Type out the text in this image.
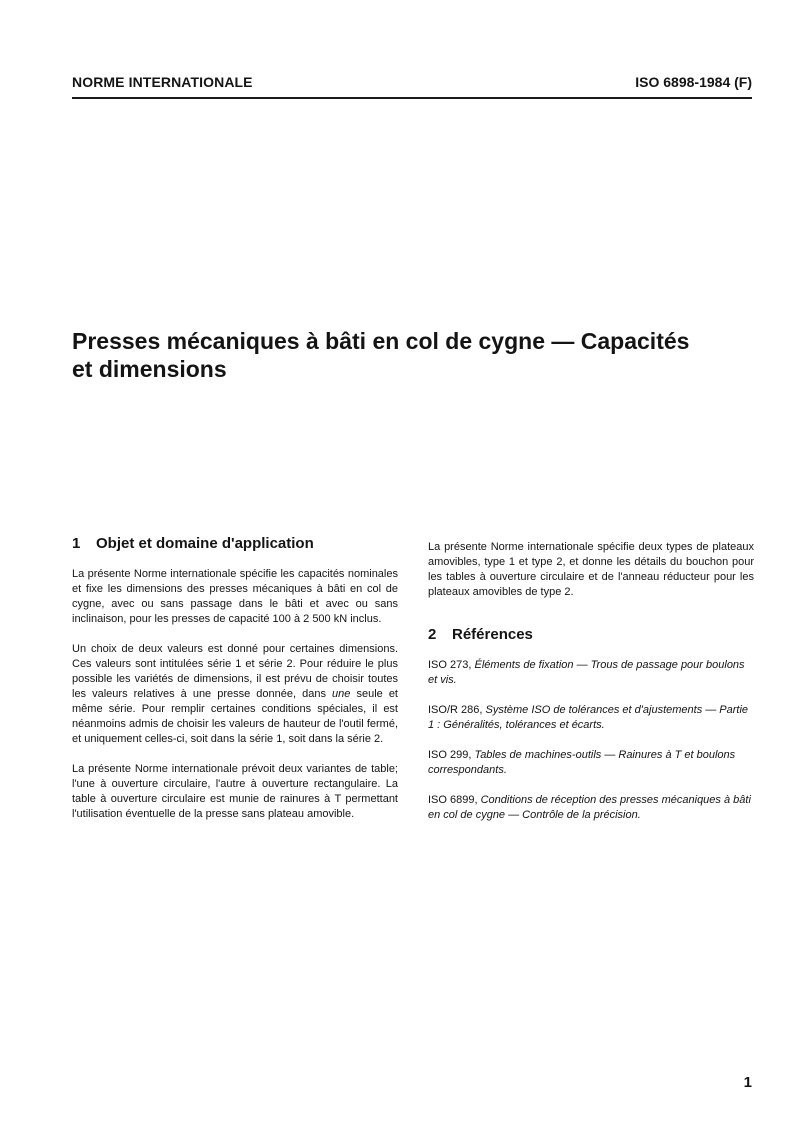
NORME INTERNATIONALE	ISO 6898-1984 (F)
Presses mécaniques à bâti en col de cygne — Capacités
et dimensions
1 Objet et domaine d'application

La présente Norme internationale spécifie les capacités nominales et fixe les dimensions des presses mécaniques à bâti en col de cygne, avec ou sans passage dans le bâti et avec ou sans inclinaison, pour les presses de capacité 100 à 2 500 kN inclus.

Un choix de deux valeurs est donné pour certaines dimensions. Ces valeurs sont intitulées série 1 et série 2. Pour réduire le plus possible les variétés de dimensions, il est prévu de choisir toutes les valeurs relatives à une presse donnée, dans une seule et même série. Pour remplir certaines conditions spéciales, il est néanmoins admis de choisir les valeurs de hauteur de l'outil fermé, et uniquement celles-ci, soit dans la série 1, soit dans la série 2.

La présente Norme internationale prévoit deux variantes de table; l'une à ouverture circulaire, l'autre à ouverture rectangulaire. La table à ouverture circulaire est munie de rainures à T permettant l'utilisation éventuelle de la presse sans plateau amovible.

La présente Norme internationale spécifie deux types de plateaux amovibles, type 1 et type 2, et donne les détails du bouchon pour les tables à ouverture circulaire et de l'anneau réducteur pour les plateaux amovibles de type 2.

2 Références

ISO 273, Éléments de fixation — Trous de passage pour boulons et vis.

ISO/R 286, Système ISO de tolérances et d'ajustements — Partie 1 : Généralités, tolérances et écarts.

ISO 299, Tables de machines-outils — Rainures à T et boulons correspondants.

ISO 6899, Conditions de réception des presses mécaniques à bâti en col de cygne — Contrôle de la précision.

1
